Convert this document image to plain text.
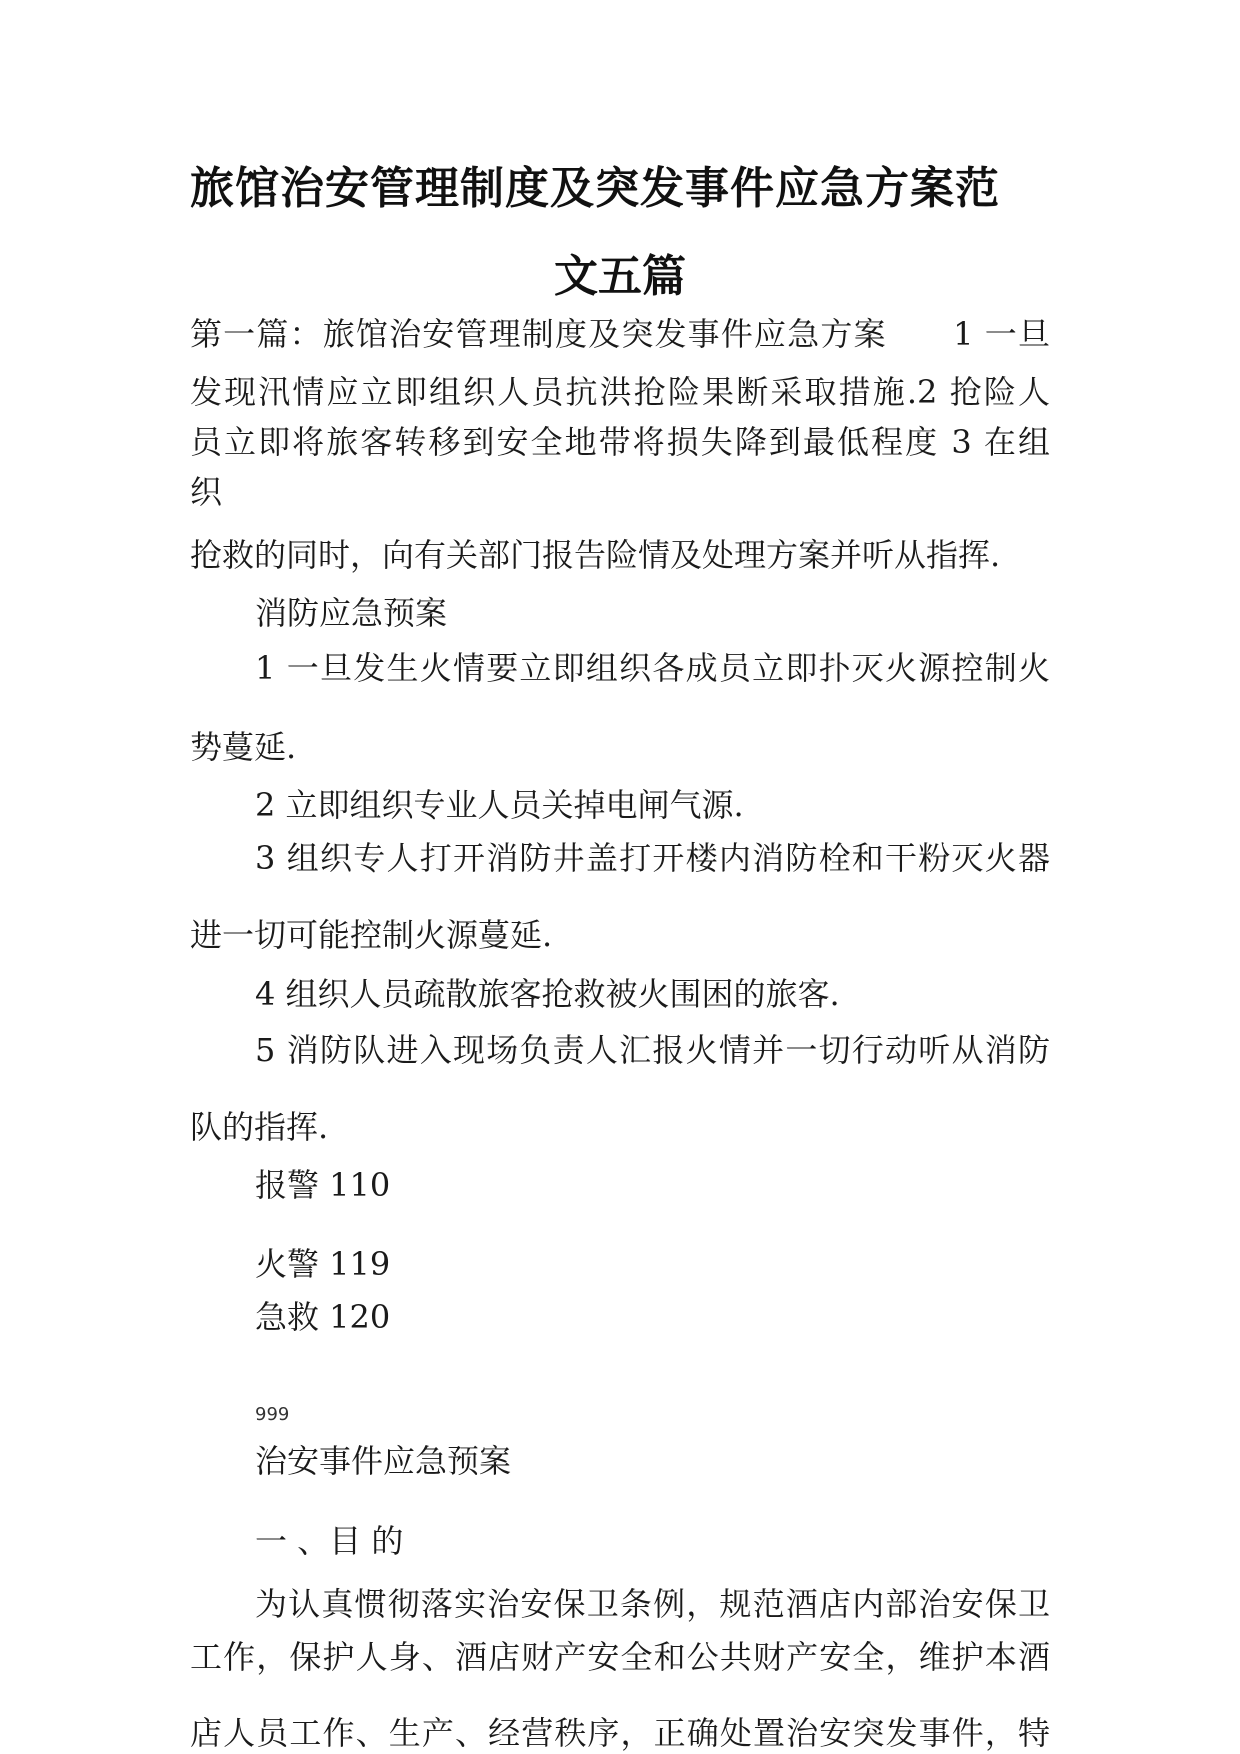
旅馆治安管理制度及突发事件应急方案范
文五篇
第一篇：旅馆治安管理制度及突发事件应急方案　　1 一旦
发现汛情应立即组织人员抗洪抢险果断采取措施.2 抢险人
员立即将旅客转移到安全地带将损失降到最低程度 3 在组
织
抢救的同时，向有关部门报告险情及处理方案并听从指挥.
消防应急预案
1 一旦发生火情要立即组织各成员立即扑灭火源控制火
势蔓延.
2 立即组织专业人员关掉电闸气源.
3 组织专人打开消防井盖打开楼内消防栓和干粉灭火器
进一切可能控制火源蔓延.
4 组织人员疏散旅客抢救被火围困的旅客.
5 消防队进入现场负责人汇报火情并一切行动听从消防
队的指挥.
报警 110
火警 119
急救 120
999
治安事件应急预案
一 、目 的
为认真惯彻落实治安保卫条例，规范酒店内部治安保卫
工作，保护人身、酒店财产安全和公共财产安全，维护本酒
店人员工作、生产、经营秩序，正确处置治安突发事件，特
